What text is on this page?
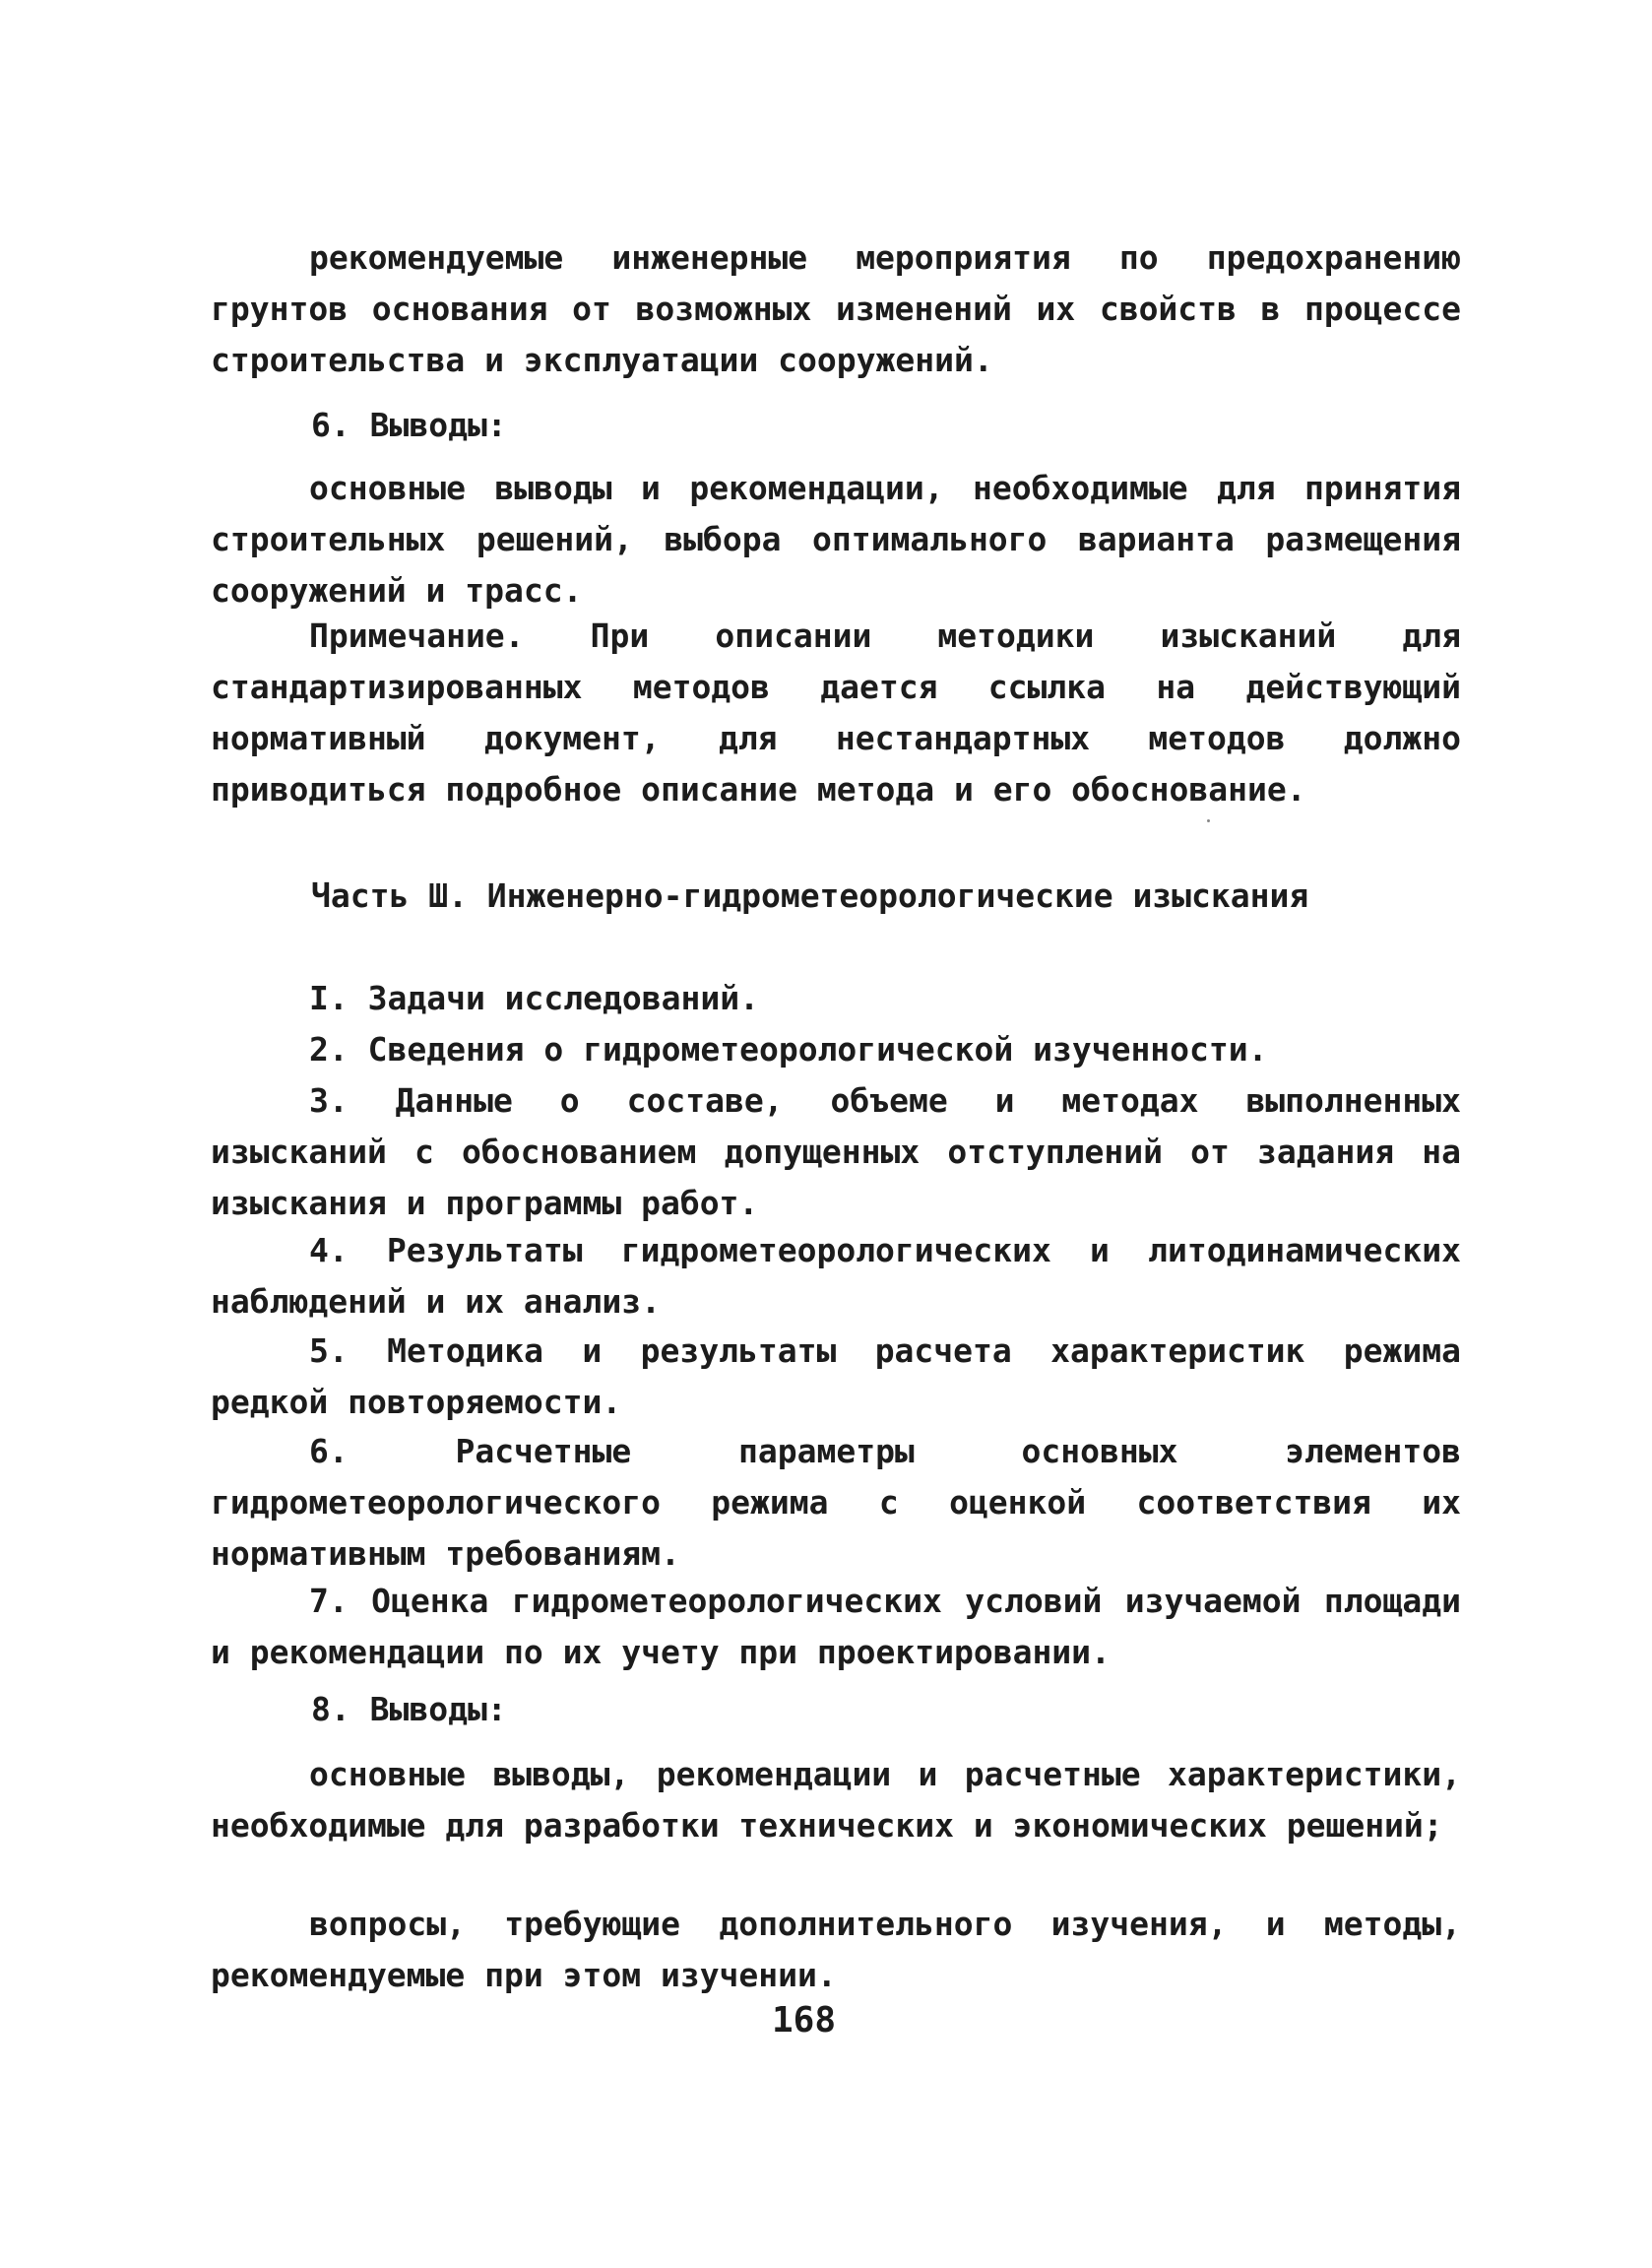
рекомендуемые инженерные мероприятия по предохранению грунтов основания от возможных изменений их свойств в процессе строительства и эксплуатации сооружений.

6. Выводы:

основные выводы и рекомендации, необходимые для принятия строительных решений, выбора оптимального варианта размещения сооружений и трасс.

Примечание. При описании методики изысканий для стандартизированных методов дается ссылка на действующий нормативный документ, для нестандартных методов должно приводиться подробное описание метода и его обоснование.

Часть Ш. Инженерно-гидрометеорологические изыскания

I. Задачи исследований.

2. Сведения о гидрометеорологической изученности.

3. Данные о составе, объеме и методах выполненных изысканий с обоснованием допущенных отступлений от задания на изыскания и программы работ.

4. Результаты гидрометеорологических и литодинамических наблюдений и их анализ.

5. Методика и результаты расчета характеристик режима редкой повторяемости.

6. Расчетные параметры основных элементов гидрометеорологического режима с оценкой соответствия их нормативным требованиям.

7. Оценка гидрометеорологических условий изучаемой площади и рекомендации по их учету при проектировании.

8. Выводы:

основные выводы, рекомендации и расчетные характеристики, необходимые для разработки технических и экономических решений;

вопросы, требующие дополнительного изучения, и методы, рекомендуемые при этом изучении.

168
